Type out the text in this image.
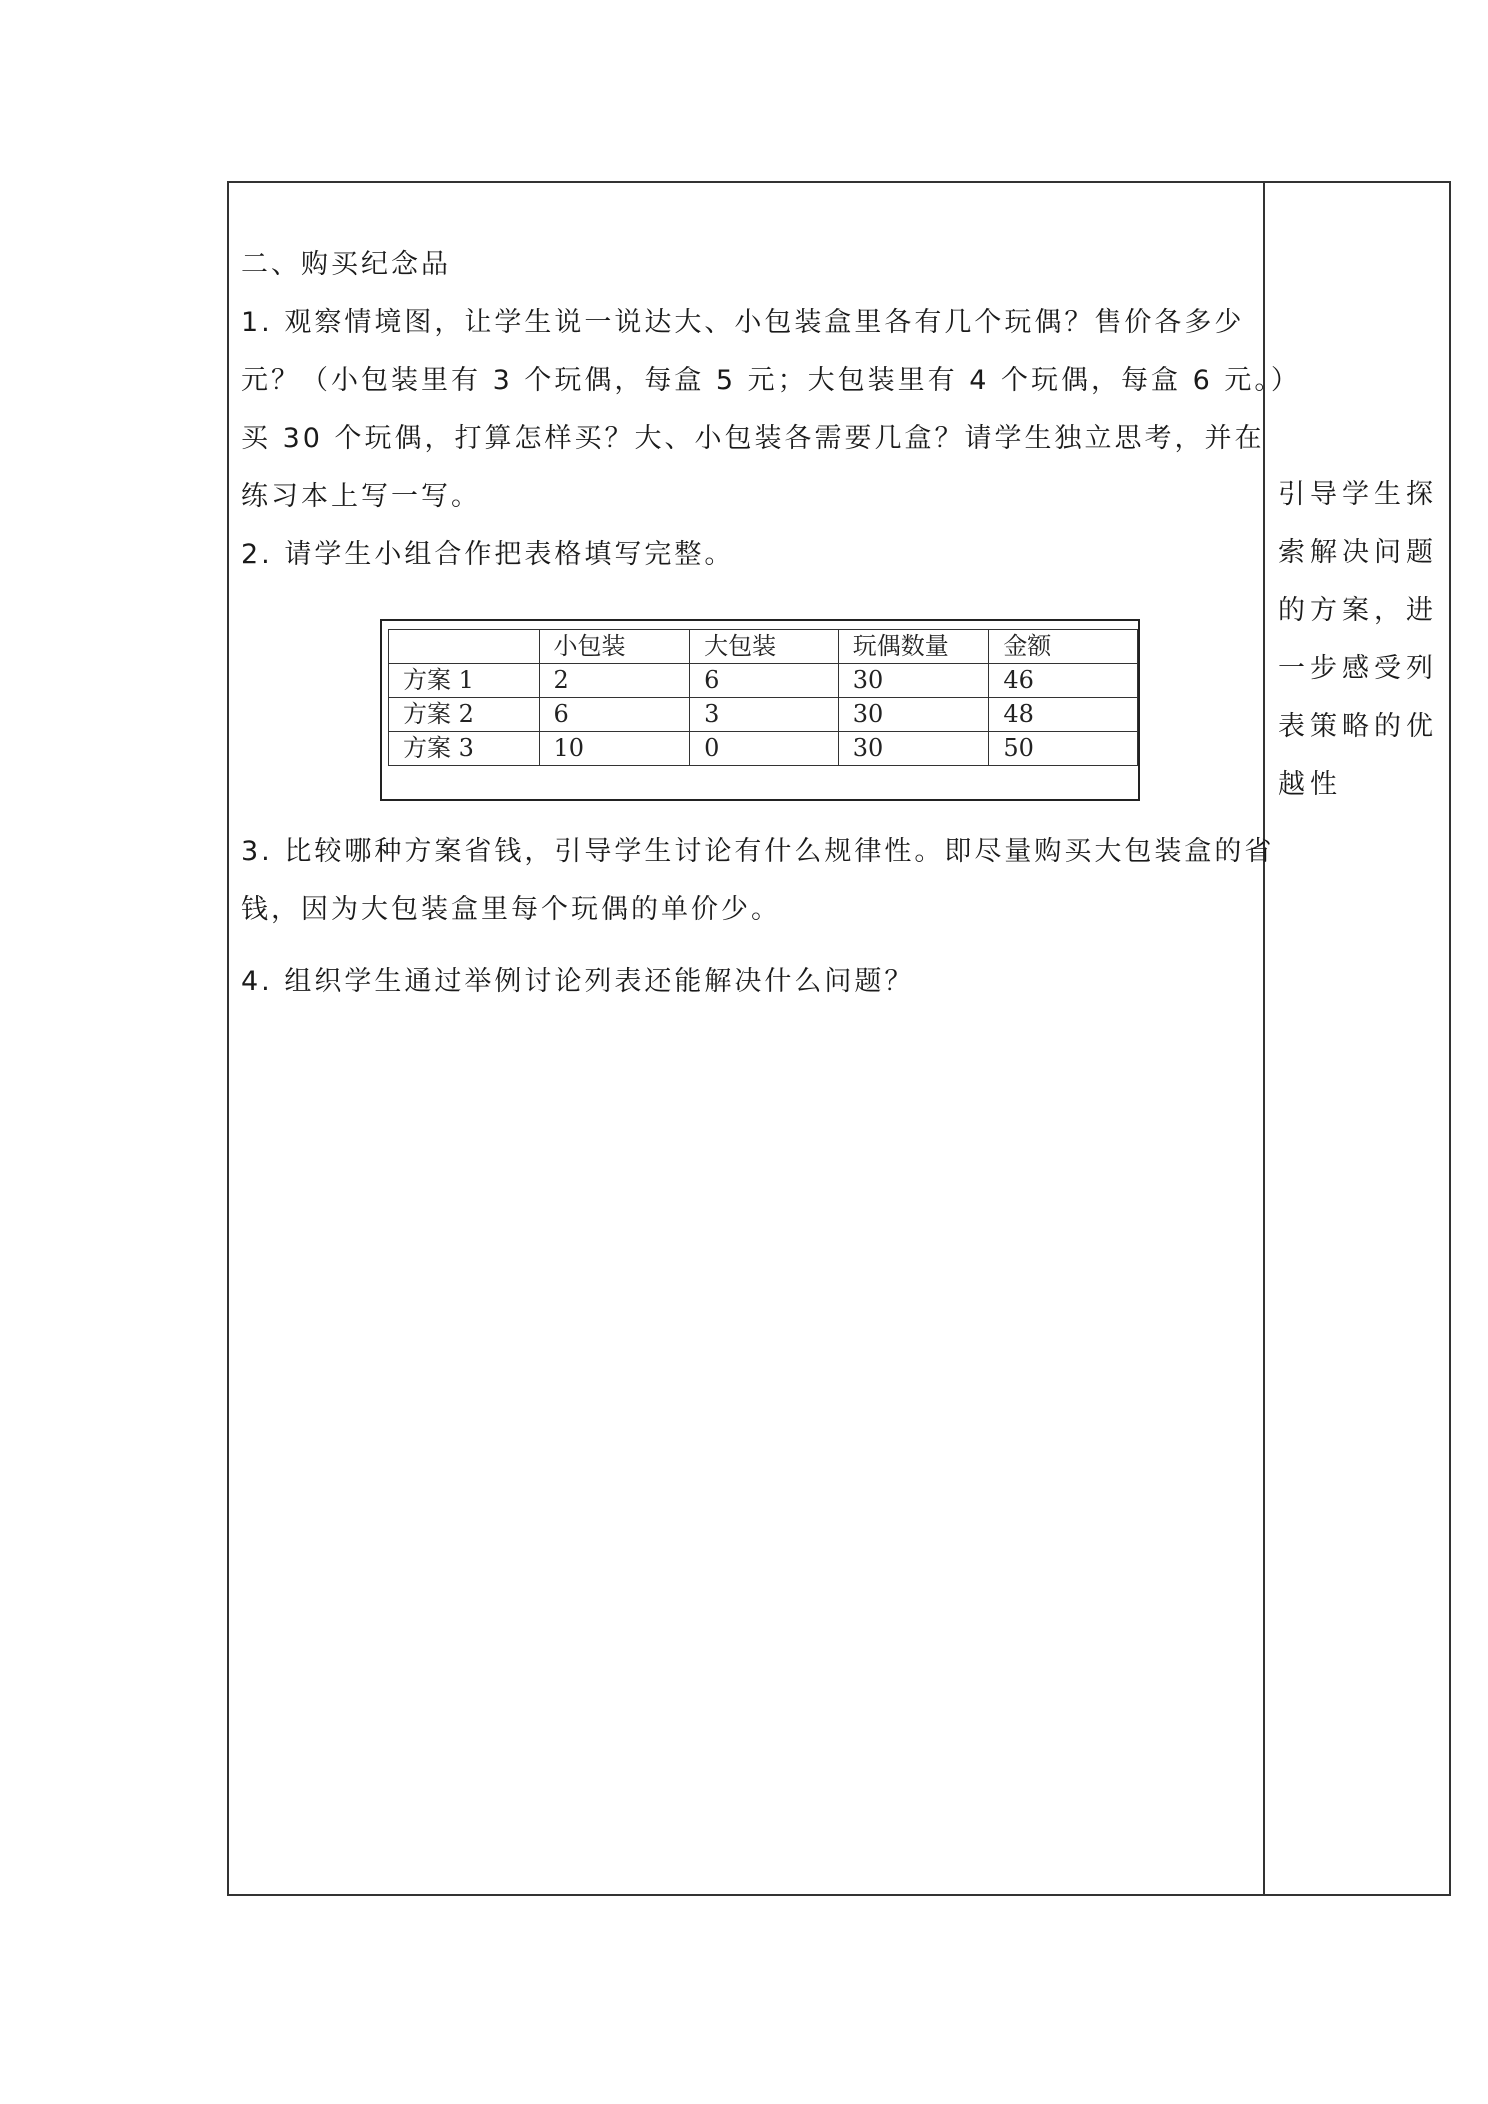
二、购买纪念品

1. 观察情境图，让学生说一说达大、小包装盒里各有几个玩偶？售价各多少

元？（小包装里有 3 个玩偶，每盒 5 元；大包装里有 4 个玩偶，每盒 6 元。）

买 30 个玩偶，打算怎样买？大、小包装各需要几盒？请学生独立思考，并在

练习本上写一写。

2. 请学生小组合作把表格填写完整。

	小包装	大包装	玩偶数量	金额
方案 1	2	6	30	46
方案 2	6	3	30	48
方案 3	10	0	30	50

3. 比较哪种方案省钱，引导学生讨论有什么规律性。即尽量购买大包装盒的省

钱，因为大包装盒里每个玩偶的单价少。

4. 组织学生通过举例讨论列表还能解决什么问题？

引导学生探

索解决问题

的方案，进

一步感受列

表策略的优

越性
